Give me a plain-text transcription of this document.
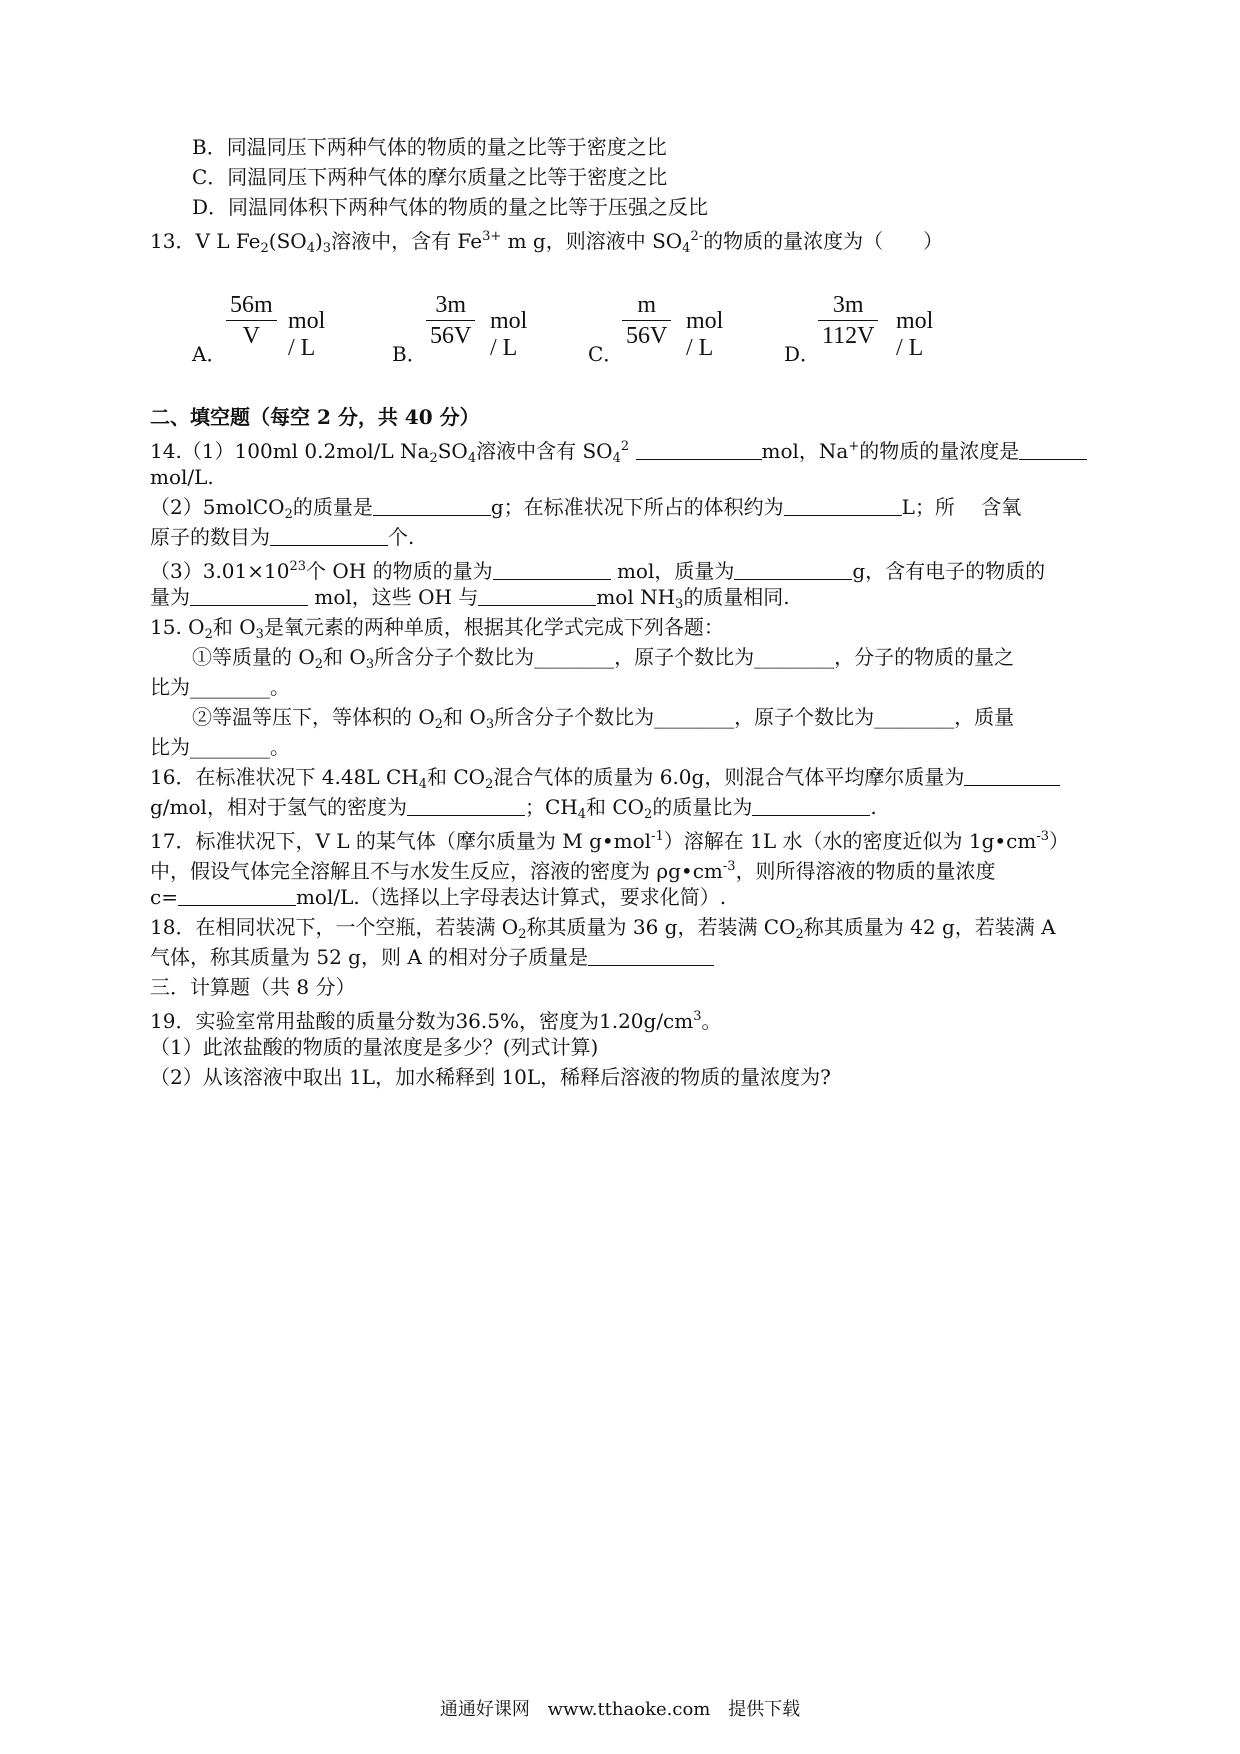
B．同温同压下两种气体的物质的量之比等于密度之比
C．同温同压下两种气体的摩尔质量之比等于密度之比
D．同温同体积下两种气体的物质的量之比等于压强之反比
13．V L $Fe_2(SO_4)_3$溶液中，含有 $Fe^{3+}$ m g，则溶液中 $SO_4^{2-}$的物质的量浓度为（　　）
A．
56m
V
mol / L	B．
3m
56V
mol / L	C．
m
56V
mol / L	D．
3m
112V
mol / L
二、填空题（每空 2 分，共 40 分）
14.（1）100ml 0.2mol/L $Na_2SO_4$溶液中含有 $SO_4^2$	mol，Na+的物质的量浓度是
mol/L.
（2）5molCO$_2$的质量是	g；在标准状况下所占的体积约为	L；所　 含氧
原子的数目为	个.
$(3)3.01\times 10^{23}$个 OH 的物质的量为	mol，质量为	g，含有电子的物质的
量为	mol，这些 OH 与	mol $NH_3$的质量相同.
15. $O_2$和 $O_3$是氧元素的两种单质，根据其化学式完成下列各题：
①等质量的 $O_2$和 $O_3$所含分子个数比为________，原子个数比为________，分子的物质的量之
比为________。
②等温等压下，等体积的 $O_2$和 $O_3$所含分子个数比为________，原子个数比为________，质量
比为________。
16．在标准状况下 4.48L $CH_4$和 $CO_2$混合气体的质量为 6.0g，则混合气体平均摩尔质量为
g/mol，相对于氢气的密度为	；$CH_4$和 $CO_2$的质量比为	.
17．标准状况下，V L 的某气体（摩尔质量为 M g•mol$^{-1}$）溶解在 1L 水（水的密度近似为 $1g•cm^{-3}$）
中，假设气体完全溶解且不与水发生反应，溶液的密度为 $\rho g•cm^{-3}$，则所得溶液的物质的量浓度
c=	mol/L.（选择以上字母表达计算式，要求化简）.
18．在相同状况下，一个空瓶，若装满 $O_2$称其质量为 36 g，若装满 $CO_2$称其质量为 42 g，若装满 A
气体，称其质量为 52 g，则 A 的相对分子质量是
三．计算题（共 8 分）
19．实验室常用盐酸的质量分数为36.5%，密度为$1.20g/cm^3$。
（1）此浓盐酸的物质的量浓度是多少？(列式计算)
（2）从该溶液中取出 1L，加水稀释到 10L，稀释后溶液的物质的量浓度为?
通通好课网 www.tthaoke.com 提供下载
